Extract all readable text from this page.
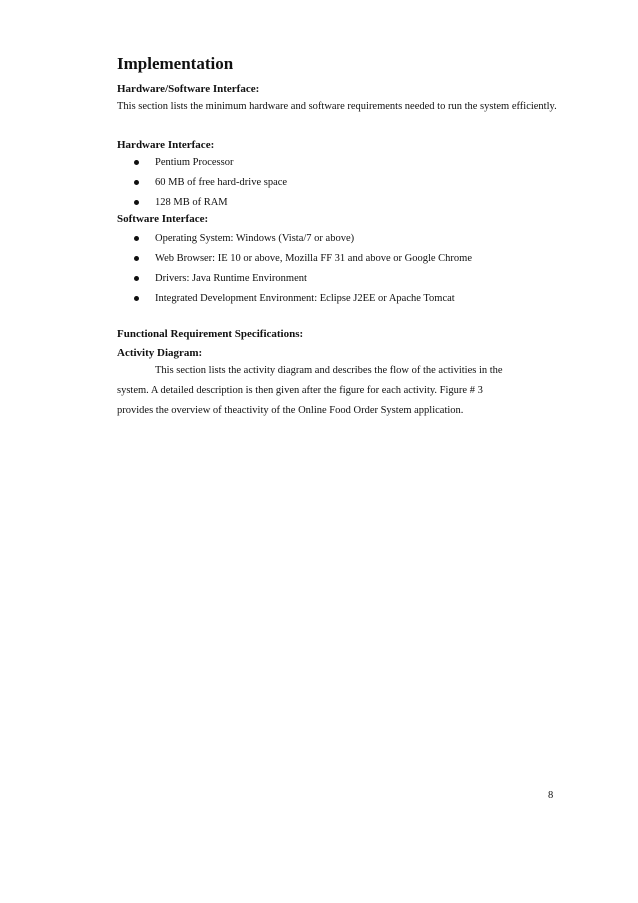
Implementation
Hardware/Software Interface:

This section lists the minimum hardware and software requirements needed to run the system efficiently.

Hardware Interface:
Pentium Processor
60 MB of free hard-drive space
128 MB of RAM
Software Interface:
Operating System: Windows (Vista/7 or above)
Web Browser: IE 10 or above, Mozilla FF 31 and above or Google Chrome
Drivers: Java Runtime Environment
Integrated Development Environment: Eclipse J2EE or Apache Tomcat
Functional Requirement Specifications:
Activity Diagram:

This section lists the activity diagram and describes the flow of the activities in the
system. A detailed description is then given after the figure for each activity. Figure # 3
provides the overview of theactivity of the Online Food Order System application.

8
